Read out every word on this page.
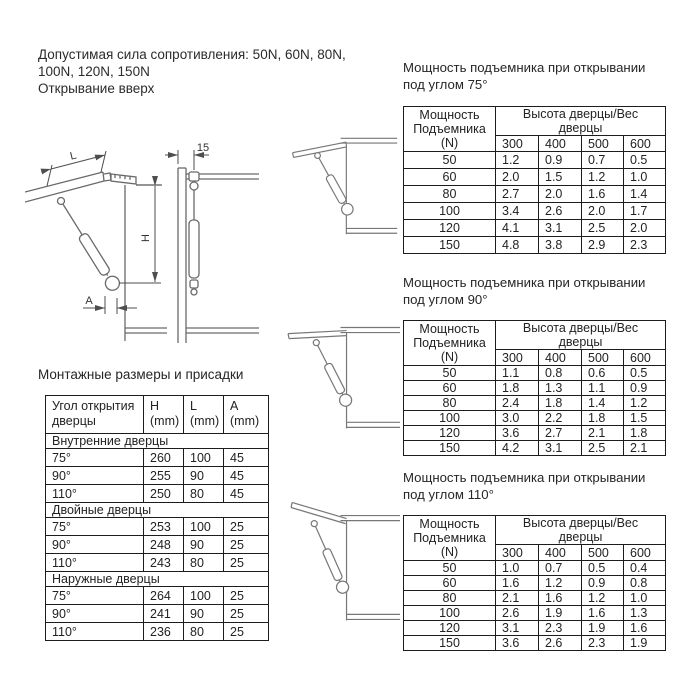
Допустимая сила сопротивления: 50N, 60N, 80N,
100N, 120N, 150N
Открывание вверх
L
H
A
15
Монтажные размеры и присадки
Угол открытия дверцы	H (mm)	L (mm)	A (mm)
Внутренние дверцы			
75°	260	100	45
90°	255	90	45
110°	250	80	45
Двойные дверцы			
75°	253	100	25
90°	248	90	25
110°	243	80	25
Наружные дверцы			
75°	264	100	25
90°	241	90	25
110°	236	80	25

Мощность подъемника при открывании
под углом 75°

Мощность
Подъемника
(N)

Высота дверцы/Вес
дверцы

	300	400	500	600
50	1.2	0.9	0.7	0.5
60	2.0	1.5	1.2	1.0
80	2.7	2.0	1.6	1.4
100	3.4	2.6	2.0	1.7
120	4.1	3.1	2.5	2.0
150	4.8	3.8	2.9	2.3

Мощность подъемника при открывании
под углом 90°

Мощность
Подъемника
(N)

Высота дверцы/Вес
дверцы

	300	400	500	600
50	1.1	0.8	0.6	0.5
60	1.8	1.3	1.1	0.9
80	2.4	1.8	1.4	1.2
100	3.0	2.2	1.8	1.5
120	3.6	2.7	2.1	1.8
150	4.2	3.1	2.5	2.1

Мощность подъемника при открывании
под углом 110°

Мощность
Подъемника
(N)

Высота дверцы/Вес
дверцы

	300	400	500	600
50	1.0	0.7	0.5	0.4
60	1.6	1.2	0.9	0.8
80	2.1	1.6	1.2	1.0
100	2.6	1.9	1.6	1.3
120	3.1	2.3	1.9	1.6
150	3.6	2.6	2.3	1.9
